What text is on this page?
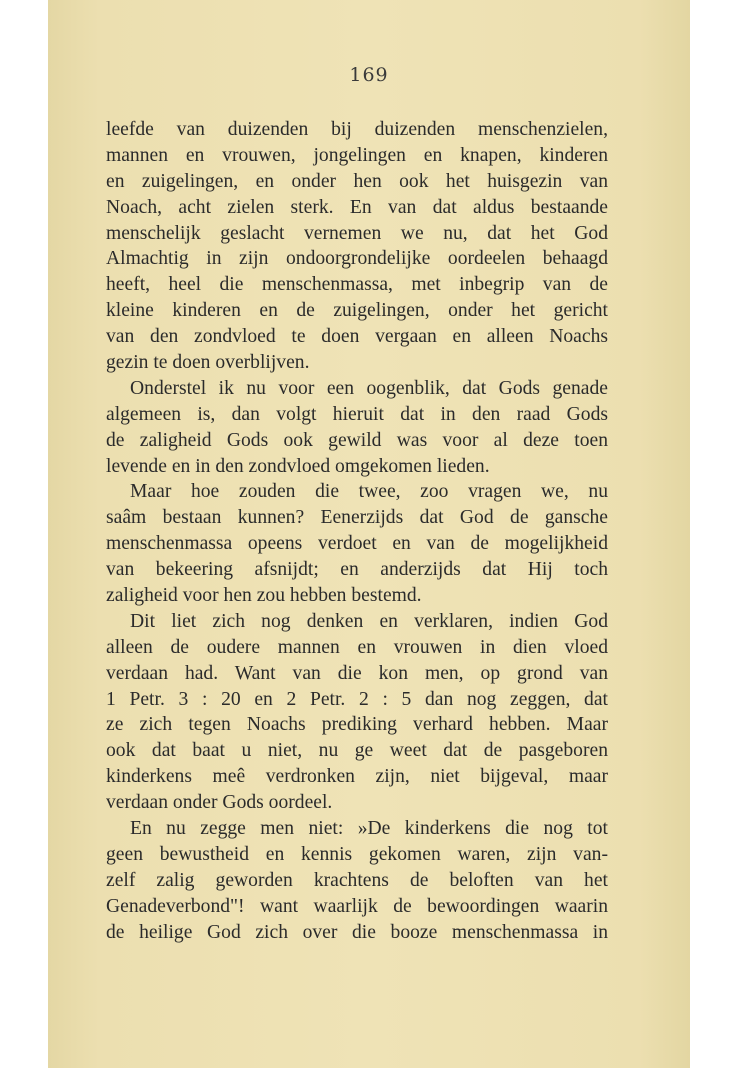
169
leefde van duizenden bij duizenden menschenzielen,
mannen en vrouwen, jongelingen en knapen, kinderen
en zuigelingen, en onder hen ook het huisgezin van
Noach, acht zielen sterk. En van dat aldus bestaande
menschelijk geslacht vernemen we nu, dat het God
Almachtig in zijn ondoorgrondelijke oordeelen behaagd
heeft, heel die menschenmassa, met inbegrip van de
kleine kinderen en de zuigelingen, onder het gericht
van den zondvloed te doen vergaan en alleen Noachs
gezin te doen overblijven.
Onderstel ik nu voor een oogenblik, dat Gods genade
algemeen is, dan volgt hieruit dat in den raad Gods
de zaligheid Gods ook gewild was voor al deze toen
levende en in den zondvloed omgekomen lieden.
Maar hoe zouden die twee, zoo vragen we, nu
saâm bestaan kunnen? Eenerzijds dat God de gansche
menschenmassa opeens verdoet en van de mogelijkheid
van bekeering afsnijdt; en anderzijds dat Hij toch
zaligheid voor hen zou hebben bestemd.
Dit liet zich nog denken en verklaren, indien God
alleen de oudere mannen en vrouwen in dien vloed
verdaan had. Want van die kon men, op grond van
1 Petr. 3 : 20 en 2 Petr. 2 : 5 dan nog zeggen, dat
ze zich tegen Noachs prediking verhard hebben. Maar
ook dat baat u niet, nu ge weet dat de pasgeboren
kinderkens meê verdronken zijn, niet bijgeval, maar
verdaan onder Gods oordeel.
En nu zegge men niet: »De kinderkens die nog tot
geen bewustheid en kennis gekomen waren, zijn van-
zelf zalig geworden krachtens de beloften van het
Genadeverbond"! want waarlijk de bewoordingen waarin
de heilige God zich over die booze menschenmassa in
